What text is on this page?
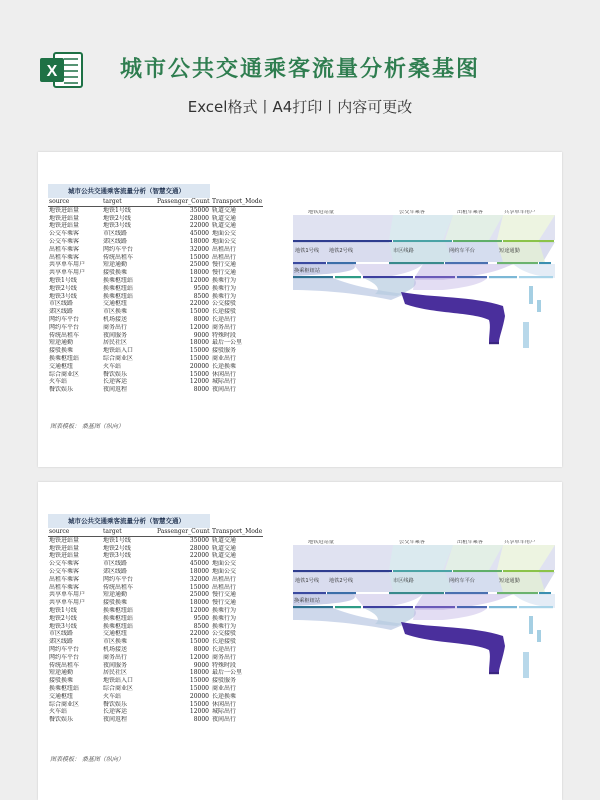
X	城市公共交通乘客流量分析桑基图
Excel格式丨A4打印丨内容可更改
城市公共交通乘客流量分析（智慧交通）
source	target	Passenger_Count	Transport_Mode
地铁进站量	地铁1号线	35000	轨道交通
地铁进站量	地铁2号线	28000	轨道交通
地铁进站量	地铁3号线	22000	轨道交通
公交车乘客	市区线路	45000	地面公交
公交车乘客	郊区线路	18000	地面公交
出租车乘客	网约车平台	32000	出租出行
出租车乘客	传统出租车	15000	出租出行
共享单车用户	短途通勤	25000	慢行交通
共享单车用户	接驳换乘	18000	慢行交通
地铁1号线	换乘枢纽站	12000	换乘行为
地铁2号线	换乘枢纽站	9500	换乘行为
地铁3号线	换乘枢纽站	8500	换乘行为
市区线路	交通枢纽	22000	公交接驳
郊区线路	市区换乘	15000	长途接驳
网约车平台	机场接送	8000	长途出行
网约车平台	商务出行	12000	商务出行
传统出租车	夜间服务	9000	特殊时段
短途通勤	居民社区	18000	最后一公里
接驳换乘	地铁站入口	15000	接驳服务
换乘枢纽站	综合商业区	15000	商业出行
交通枢纽	火车站	20000	长途换乘
综合商业区	餐饮娱乐	15000	休闲出行
火车站	长途客运	12000	城际出行
餐饮娱乐	夜间返程	8000	夜间出行
图表模板： 桑基图（纵向）
地铁进站量	公交车乘客	出租车乘客	共享单车用户
地铁1号线 地铁2号线	市区线路	网约车平台	短途通勤
换乘枢纽站
城市公共交通乘客流量分析（智慧交通）
source	target	Passenger_Count	Transport_Mode
地铁进站量	地铁1号线	35000	轨道交通
地铁进站量	地铁2号线	28000	轨道交通
地铁进站量	地铁3号线	22000	轨道交通
公交车乘客	市区线路	45000	地面公交
公交车乘客	郊区线路	18000	地面公交
出租车乘客	网约车平台	32000	出租出行
出租车乘客	传统出租车	15000	出租出行
共享单车用户	短途通勤	25000	慢行交通
共享单车用户	接驳换乘	18000	慢行交通
地铁1号线	换乘枢纽站	12000	换乘行为
地铁2号线	换乘枢纽站	9500	换乘行为
地铁3号线	换乘枢纽站	8500	换乘行为
市区线路	交通枢纽	22000	公交接驳
郊区线路	市区换乘	15000	长途接驳
网约车平台	机场接送	8000	长途出行
网约车平台	商务出行	12000	商务出行
传统出租车	夜间服务	9000	特殊时段
短途通勤	居民社区	18000	最后一公里
接驳换乘	地铁站入口	15000	接驳服务
换乘枢纽站	综合商业区	15000	商业出行
交通枢纽	火车站	20000	长途换乘
综合商业区	餐饮娱乐	15000	休闲出行
火车站	长途客运	12000	城际出行
餐饮娱乐	夜间返程	8000	夜间出行
图表模板： 桑基图（纵向）
地铁进站量	公交车乘客	出租车乘客	共享单车用户
地铁1号线 地铁2号线	市区线路	网约车平台	短途通勤
换乘枢纽站
